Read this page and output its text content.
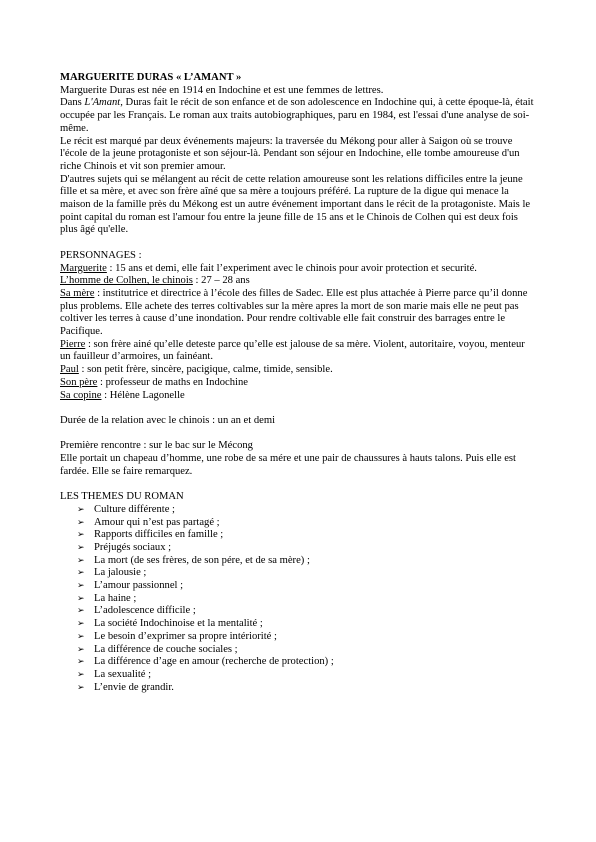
MARGUERITE DURAS « L’AMANT »

Marguerite Duras est née en 1914 en Indochine et est une femmes de lettres.

Dans L'Amant, Duras fait le récit de son enfance et de son adolescence en Indochine qui, à cette époque-là, était occupée par les Français. Le roman aux traits autobiographiques, paru en 1984, est l'essai d'une analyse de soi-même.

Le récit est marqué par deux événements majeurs: la traversée du Mékong pour aller à Saigon où se trouve l'école de la jeune protagoniste et son séjour-là. Pendant son séjour en Indochine, elle tombe amoureuse d'un riche Chinois et vit son premier amour.

D'autres sujets qui se mélangent au récit de cette relation amoureuse sont les relations difficiles entre la jeune fille et sa mère, et avec son frère aîné que sa mère a toujours préféré. La rupture de la digue qui menace la maison de la famille près du Mékong est un autre événement important dans le récit de la protagoniste. Mais le point capital du roman est l'amour fou entre la jeune fille de 15 ans et le Chinois de Colhen qui est deux fois plus âgé qu'elle.

PERSONNAGES :

Marguerite : 15 ans et demi, elle fait l’experiment avec le chinois pour avoir protection et securité.

L’homme de Colhen, le chinois : 27 – 28 ans

Sa mère : institutrice et directrice à l’école des filles de Sadec. Elle est plus attachée à Pierre parce qu’il donne plus problems. Elle achete des terres coltivables sur la mère apres la mort de son marie mais elle ne peut pas coltiver les terres à cause d’une inondation. Pour rendre coltivable elle fait construir des barrages entre le Pacifique.

Pierre : son frère ainé qu’elle deteste parce qu’elle est jalouse de sa mère. Violent, autoritaire, voyou, menteur un fauilleur d’armoires, un fainéant.

Paul : son petit frère, sincère, pacigique, calme, timide, sensible.

Son père : professeur de maths en Indochine

Sa copine : Hélène Lagonelle

Durée de la relation avec le chinois : un an et demi

Première rencontre : sur le bac sur le Mécong

Elle portait un chapeau d’homme, une robe de sa mére et une pair de chaussures à hauts talons. Puis elle est fardée. Elle se faire remarquez.

LES THEMES DU ROMAN

➢ Culture différente ;
➢ Amour qui n’est pas partagé ;
➢ Rapports difficiles en famille ;
➢ Préjugés sociaux ;
➢ La mort (de ses frères, de son pére, et de sa mère) ;
➢ La jalousie ;
➢ L’amour passionnel ;
➢ La haine ;
➢ L’adolescence difficile ;
➢ La société Indochinoise et la mentalité ;
➢ Le besoin d’exprimer sa propre intériorité ;
➢ La différence de couche sociales ;
➢ La différence d’age en amour (recherche de protection) ;
➢ La sexualité ;
➢ L’envie de grandir.
